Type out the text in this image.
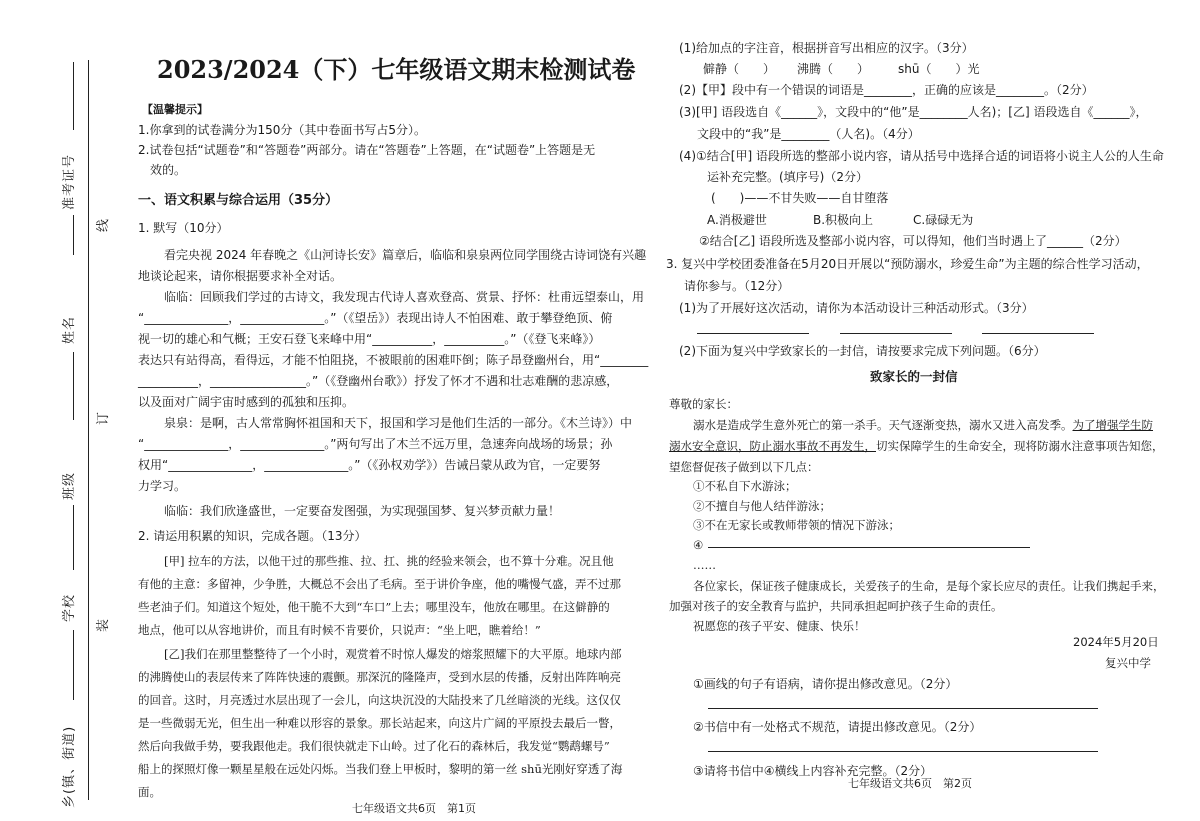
准考证号
线
姓名
订
班级
学校
装
乡(镇、街道)
2023/2024（下）七年级语文期末检测试卷
【温馨提示】
1.你拿到的试卷满分为150分（其中卷面书写占5分）。
2.试卷包括“试题卷”和“答题卷”两部分。请在“答题卷”上答题，在“试题卷”上答题是无
效的。
一、语文积累与综合运用（35分）
1. 默写（10分）
看完央视 2024 年春晚之《山河诗长安》篇章后，临临和泉泉两位同学围绕古诗词饶有兴趣
地谈论起来，请你根据要求补全对话。
临临：回顾我们学过的古诗文，我发现古代诗人喜欢登高、赏景、抒怀：杜甫远望泰山，用
“______________，______________。”（《望岳》）表现出诗人不怕困难、敢于攀登绝顶、俯
视一切的雄心和气概；王安石登飞来峰中用“__________，__________。”（《登飞来峰》）
表达只有站得高，看得远，才能不怕阻挠，不被眼前的困难吓倒；陈子昂登幽州台，用“________
__________，________________。”（《登幽州台歌》）抒发了怀才不遇和壮志难酬的悲凉感，
以及面对广阔宇宙时感到的孤独和压抑。
泉泉：是啊，古人常常胸怀祖国和天下，报国和学习是他们生活的一部分。《木兰诗》）中
“______________，______________。”两句写出了木兰不远万里，急速奔向战场的场景；孙
权用“______________，______________。”（《孙权劝学》）告诫吕蒙从政为官，一定要努
力学习。
临临：我们欣逢盛世，一定要奋发图强，为实现强国梦、复兴梦贡献力量！
2. 请运用积累的知识，完成各题。（13分）
[甲] 拉车的方法，以他干过的那些推、拉、扛、挑的经验来领会，也不算十分难。况且他
有他的主意：多留神，少争胜，大概总不会出了毛病。至于讲价争座，他的嘴慢气盛，弄不过那
些老油子们。知道这个短处，他干脆不大到“车口”上去；哪里没车，他放在哪里。在这僻静的
地点，他可以从容地讲价，而且有时候不肯要价，只说声：“坐上吧，瞧着给！”
[乙]我们在那里整整待了一个小时，观赏着不时惊人爆发的熔浆照耀下的大平原。地球内部
的沸腾使山的表层传来了阵阵快速的震颤。那深沉的隆隆声，受到水层的传播，反射出阵阵响亮
的回音。这时，月亮透过水层出现了一会儿，向这块沉没的大陆投来了几丝暗淡的光线。这仅仅
是一些微弱无光，但生出一种难以形容的景象。那长站起来，向这片广阔的平原投去最后一瞥，
然后向我做手势，要我跟他走。我们很快就走下山岭。过了化石的森林后，我发觉“鹦鹉螺号”
船上的探照灯像一颗星星般在远处闪烁。当我们登上甲板时，黎明的第一丝 shū光刚好穿透了海
面。
七年级语文共6页　第1页
(1)给加点的字注音，根据拼音写出相应的汉字。（3分）
僻静（　　） 沸腾（　　） shū（　　）光
(2)【甲】段中有一个错误的词语是________，正确的应该是________。（2分）
(3)[甲] 语段选自《______》，文段中的“他”是________人名)；[乙] 语段选自《______》，
文段中的“我”是________（人名)。（4分）
(4)①结合[甲] 语段所选的整部小说内容，请从括号中选择合适的词语将小说主人公的人生命
运补充完整。(填序号)（2分）
(　　)——不甘失败——自甘堕落
A.消极避世	B.积极向上	C.碌碌无为
②结合[乙] 语段所选及整部小说内容，可以得知，他们当时遇上了______（2分）
3. 复兴中学校团委准备在5月20日开展以“预防溺水，珍爱生命”为主题的综合性学习活动，
请你参与。（12分）
(1)为了开展好这次活动，请你为本活动设计三种活动形式。（3分）
(2)下面为复兴中学致家长的一封信，请按要求完成下列问题。（6分）
致家长的一封信
尊敬的家长：
溺水是造成学生意外死亡的第一杀手。天气逐渐变热，溺水又进入高发季。为了增强学生防
溺水安全意识，防止溺水事故不再发生，切实保障学生的生命安全，现将防溺水注意事项告知您，
望您督促孩子做到以下几点：
①不私自下水游泳；
②不擅自与他人结伴游泳；
③不在无家长或教师带领的情况下游泳；
④
……
各位家长，保证孩子健康成长，关爱孩子的生命，是每个家长应尽的责任。让我们携起手来，
加强对孩子的安全教育与监护，共同承担起呵护孩子生命的责任。
祝愿您的孩子平安、健康、快乐！
2024年5月20日
复兴中学
①画线的句子有语病，请你提出修改意见。（2分）
②书信中有一处格式不规范，请提出修改意见。（2分）
③请将书信中④横线上内容补充完整。（2分）
七年级语文共6页　第2页
